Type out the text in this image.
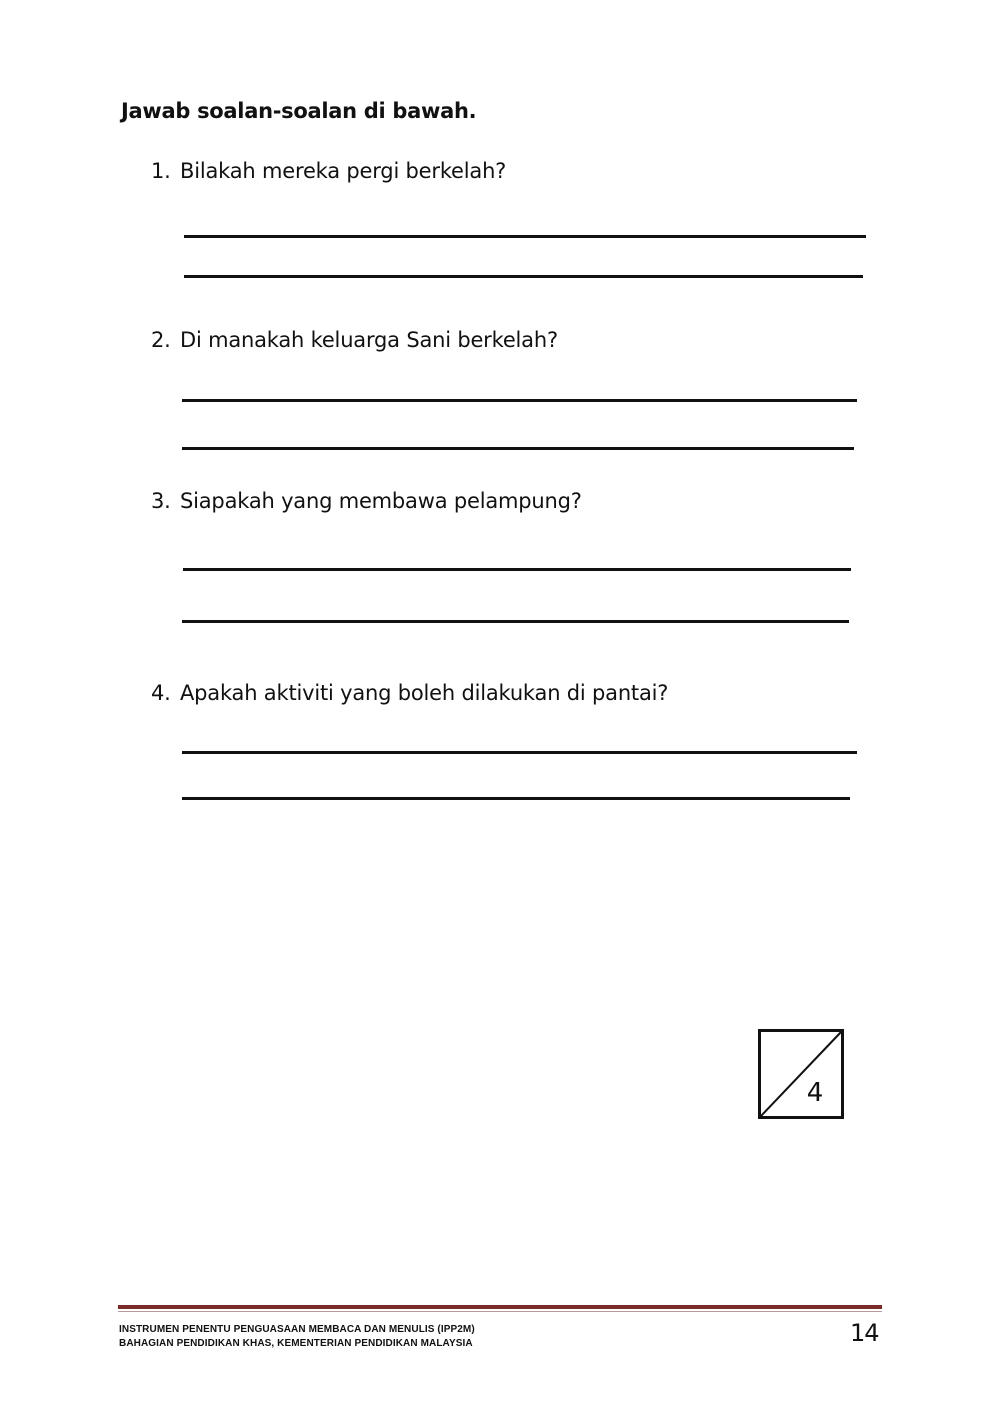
Jawab soalan-soalan di bawah.
1. Bilakah mereka pergi berkelah?
2. Di manakah keluarga Sani berkelah?
3. Siapakah yang membawa pelampung?
4. Apakah aktiviti yang boleh dilakukan di pantai?
4
INSTRUMEN PENENTU PENGUASAAN MEMBACA DAN MENULIS (IPP2M)
BAHAGIAN PENDIDIKAN KHAS, KEMENTERIAN PENDIDIKAN MALAYSIA	14
